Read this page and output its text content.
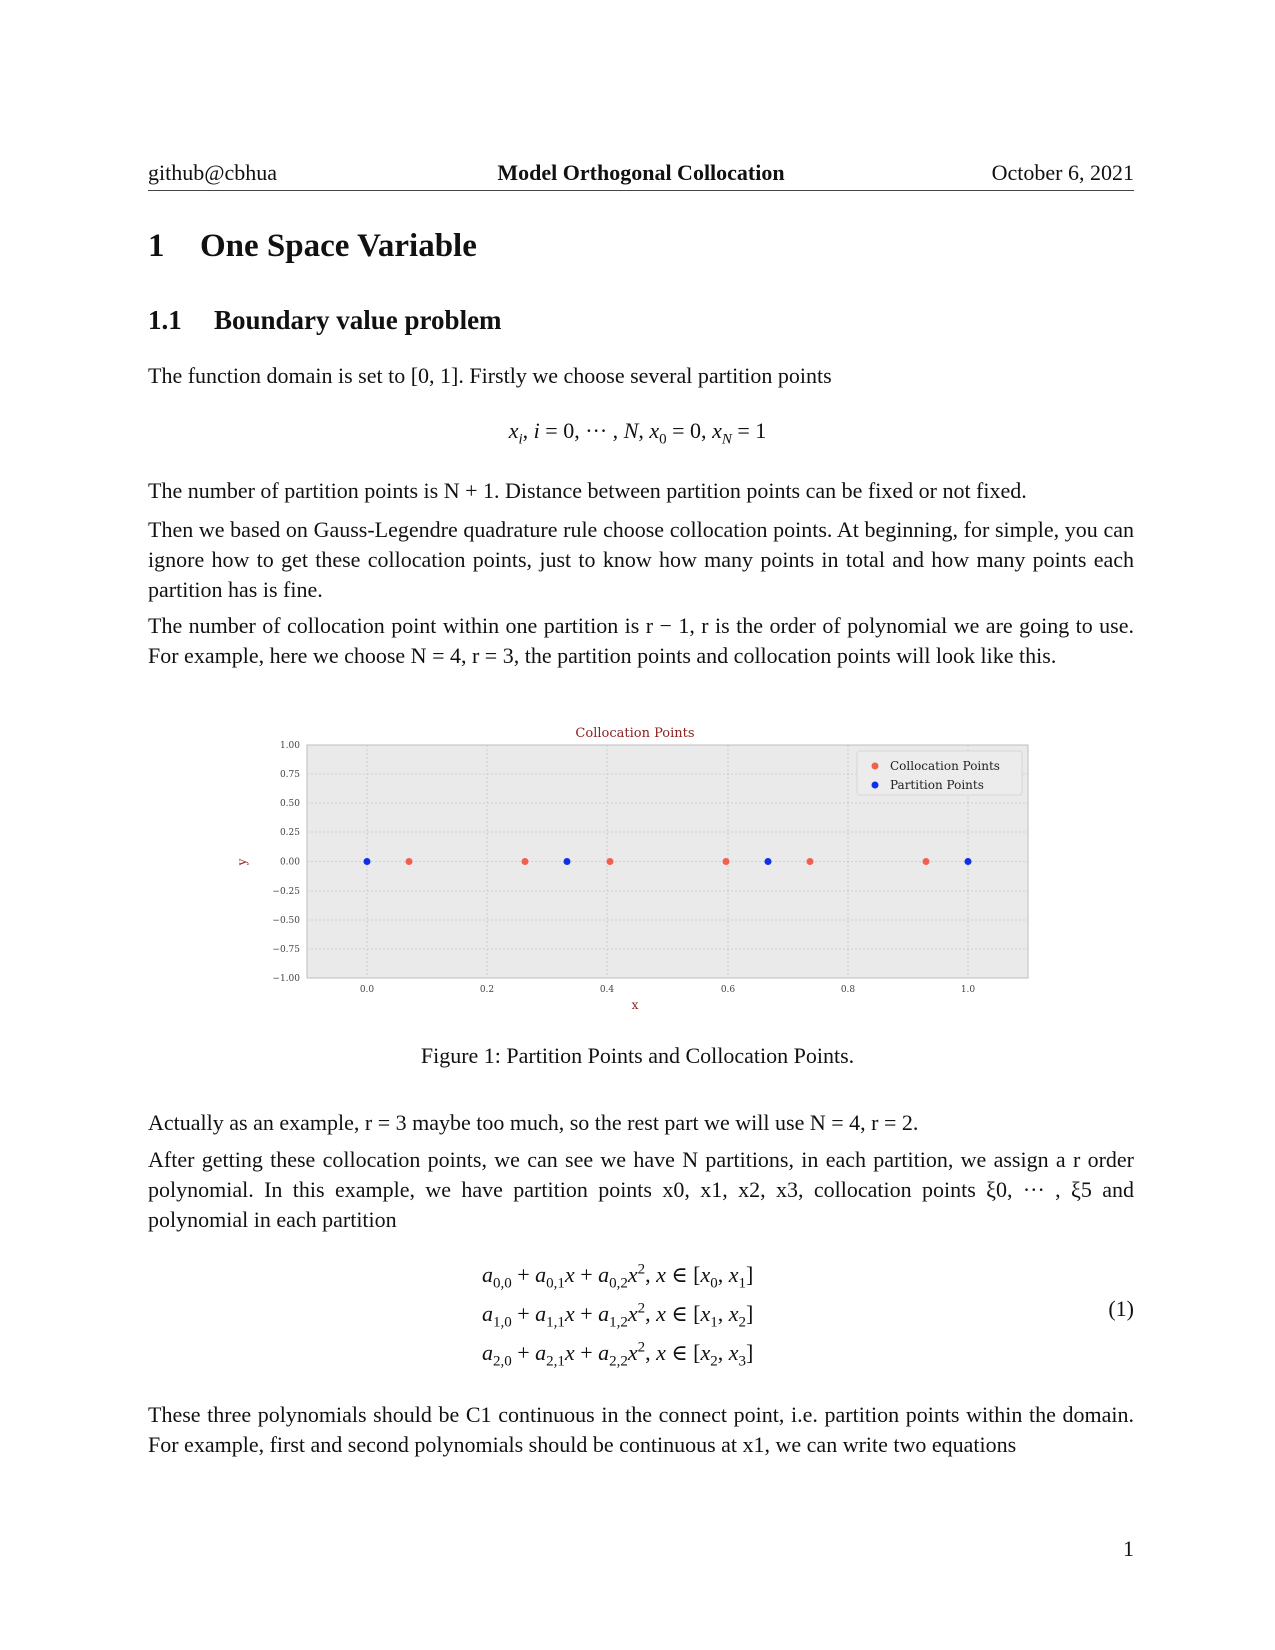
github@cbhua	Model Orthogonal Collocation	October 6, 2021
1 One Space Variable
1.1 Boundary value problem
The function domain is set to [0, 1]. Firstly we choose several partition points
$x_i$, i = 0, ··· , N, $x_0 = 0$, $x_N = 1$
The number of partition points is N + 1. Distance between partition points can be fixed or not fixed.
Then we based on Gauss-Legendre quadrature rule choose collocation points. At beginning, for simple, you can ignore how to get these collocation points, just to know how many points in total and how many points each partition has is fine.
The number of collocation point within one partition is r − 1, r is the order of polynomial we are going to use. For example, here we choose N = 4, r = 3, the partition points and collocation points will look like this.
Collocation Points
1.00
0.75
0.50
0.25
0.00
−0.25
−0.50
−0.75
−1.00
0.0	0.2	0.4	0.6	0.8	1.0
x
y
Collocation Points
Partition Points
Figure 1: Partition Points and Collocation Points.
Actually as an example, r = 3 maybe too much, so the rest part we will use N = 4, r = 2.
After getting these collocation points, we can see we have N partitions, in each partition, we assign a r order polynomial. In this example, we have partition points x0, x1, x2, x3, collocation points ξ0, ··· , ξ5 and polynomial in each partition
$a_{0,0} + a_{0,1}x + a_{0,2}x^2$, x ∈ [$x_0$, $x_1$]
$a_{1,0} + a_{1,1}x + a_{1,2}x^2$, x ∈ [$x_1$, $x_2$]
$a_{2,0} + a_{2,1}x + a_{2,2}x^2$, x ∈ [$x_2$, $x_3$]
(1)
These three polynomials should be C1 continuous in the connect point, i.e. partition points within the domain. For example, first and second polynomials should be continuous at x1, we can write two equations
1
